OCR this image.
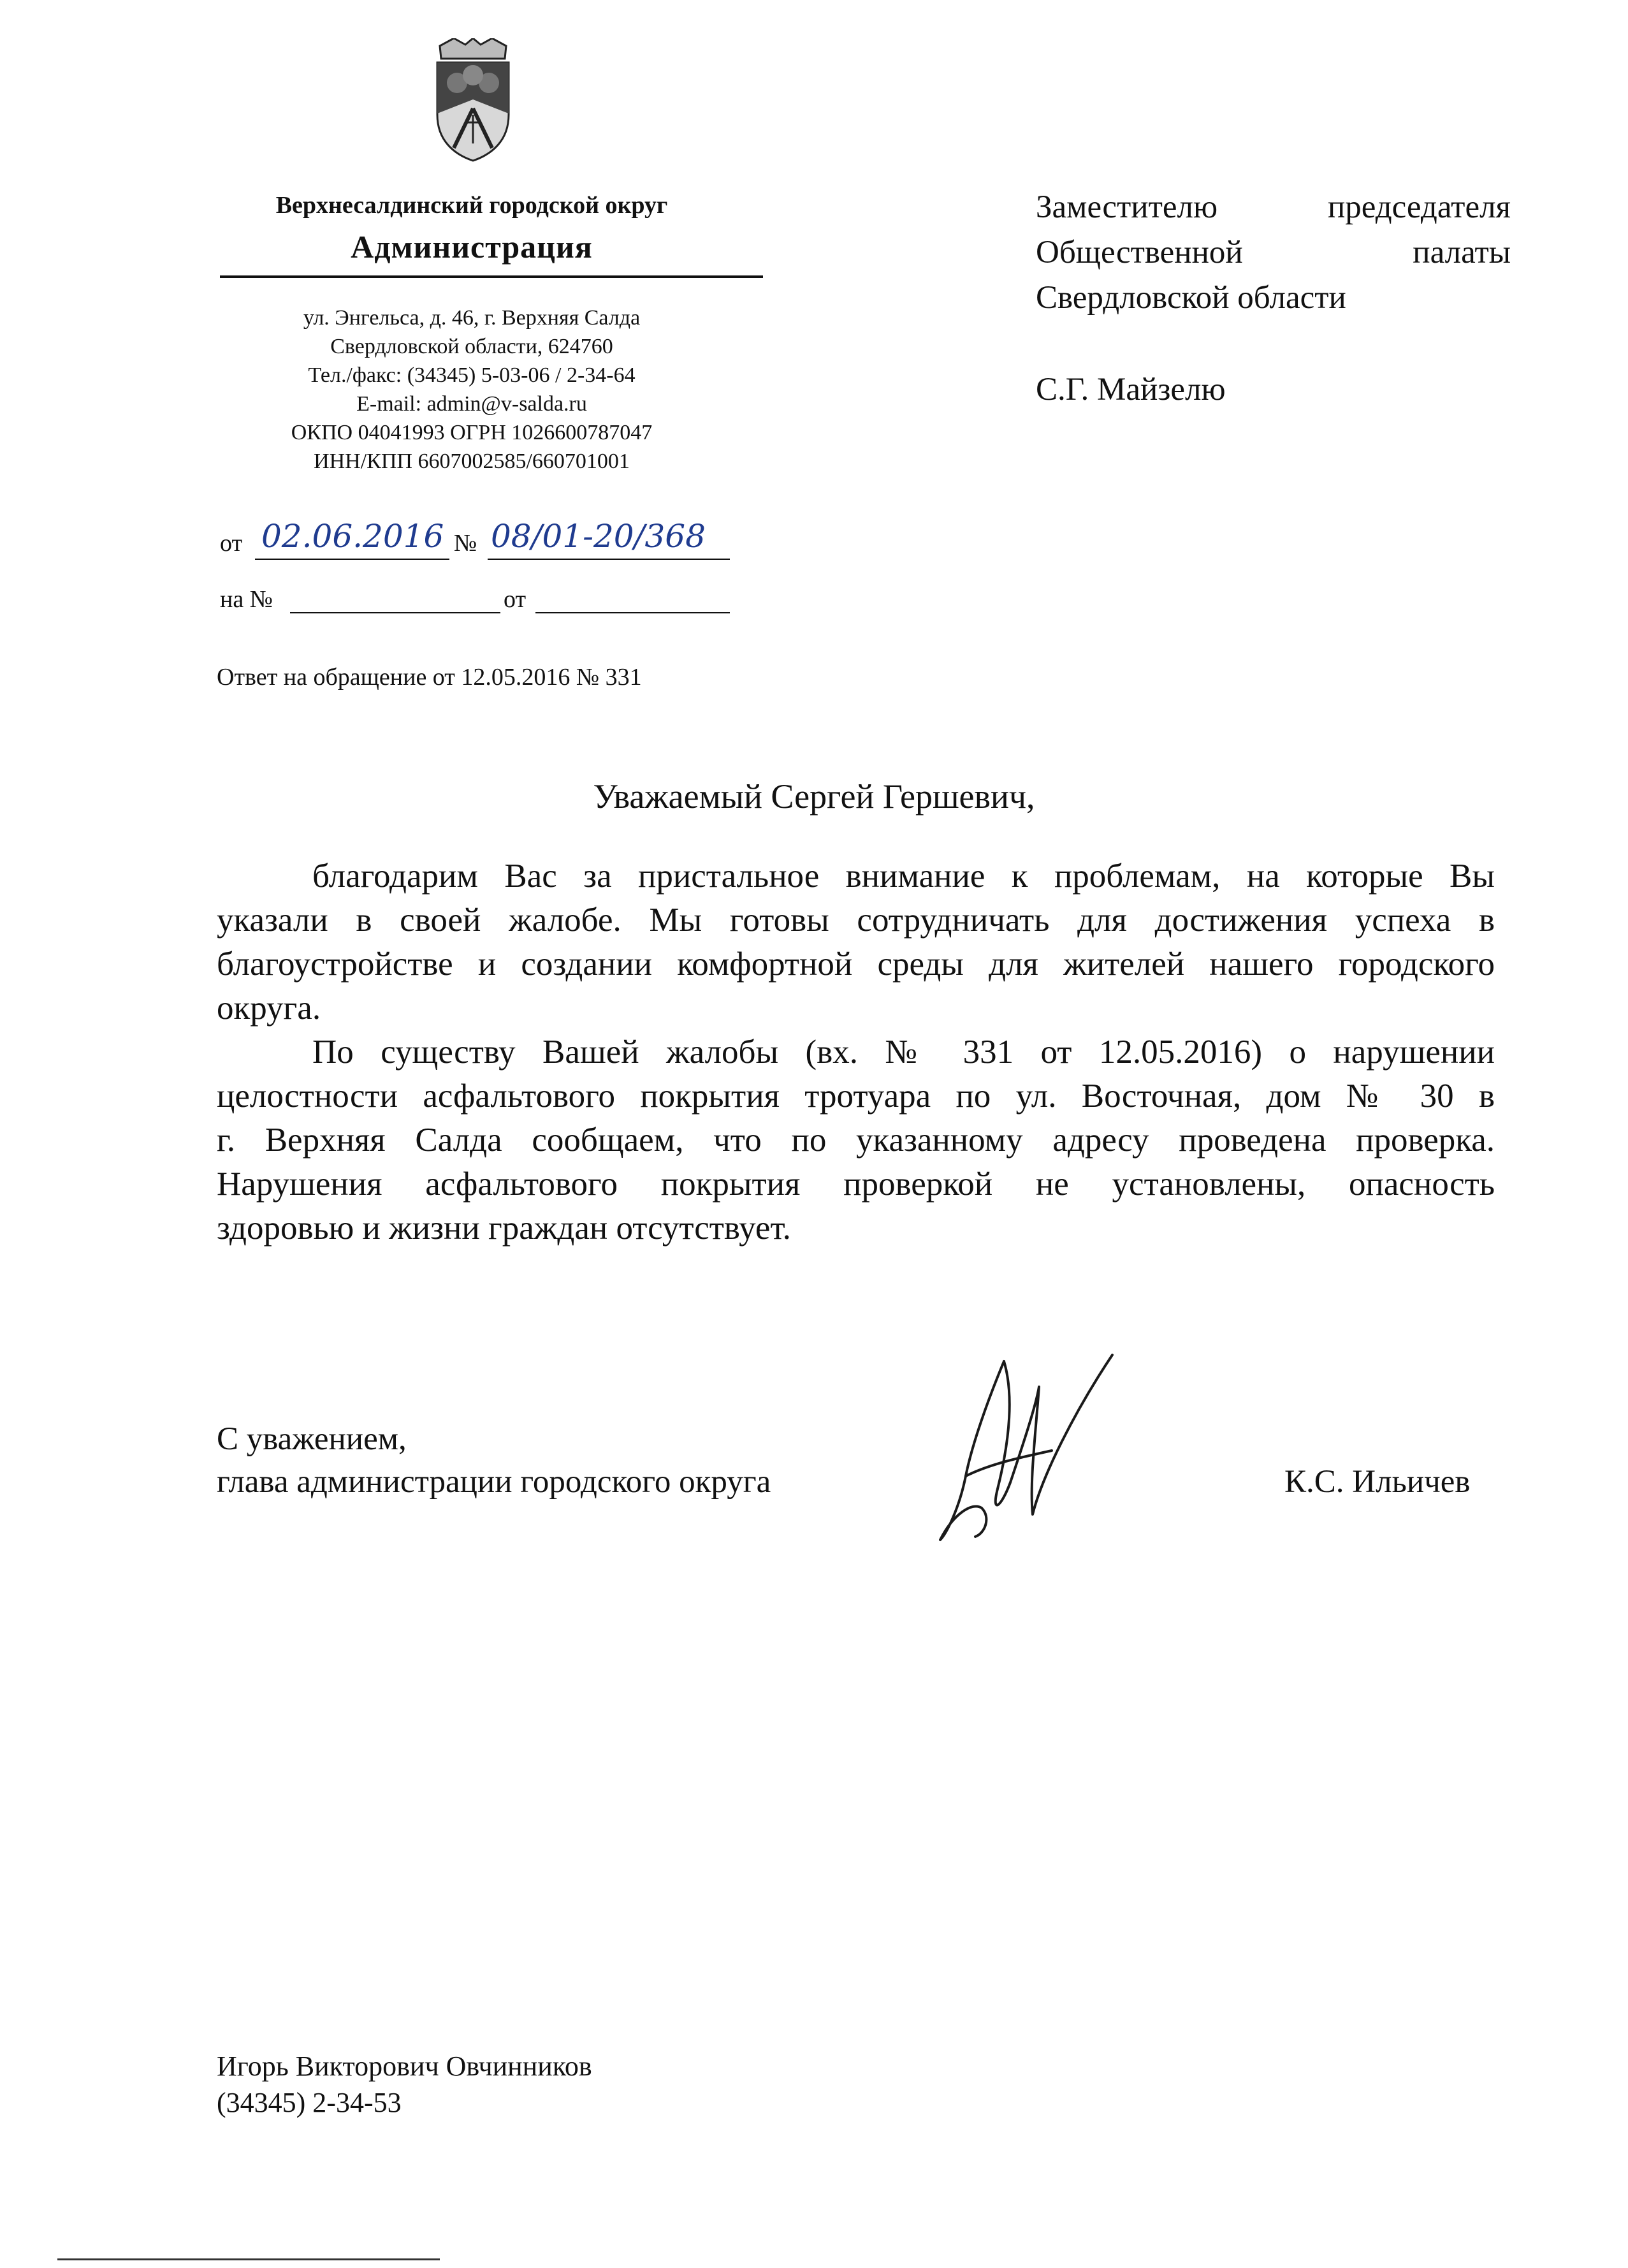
Верхнесалдинский городской округ
Администрация
ул. Энгельса, д. 46, г. Верхняя Салда
Свердловской области, 624760
Тел./факс: (34345) 5-03-06 / 2-34-64
E-mail: admin@v-salda.ru
ОКПО 04041993 ОГРН 1026600787047
ИНН/КПП 6607002585/660701001
от 02.06.2016 № 08/01-20/368
на №	от
Ответ на обращение от 12.05.2016 № 331
Заместителю председателя
Общественной палаты
Свердловской области
С.Г. Майзелю
Уважаемый Сергей Гершевич,
благодарим Вас за пристальное внимание к проблемам, на которые Вы
указали в своей жалобе. Мы готовы сотрудничать для достижения успеха в
благоустройстве и создании комфортной среды для жителей нашего городского
округа.
По существу Вашей жалобы (вх. № 331 от 12.05.2016) о нарушении
целостности асфальтового покрытия тротуара по ул. Восточная, дом № 30 в
г. Верхняя Салда сообщаем, что по указанному адресу проведена проверка.
Нарушения асфальтового покрытия проверкой не установлены, опасность
здоровью и жизни граждан отсутствует.
С уважением,
глава администрации городского округа	К.С. Ильичев
Игорь Викторович Овчинников
(34345) 2-34-53
